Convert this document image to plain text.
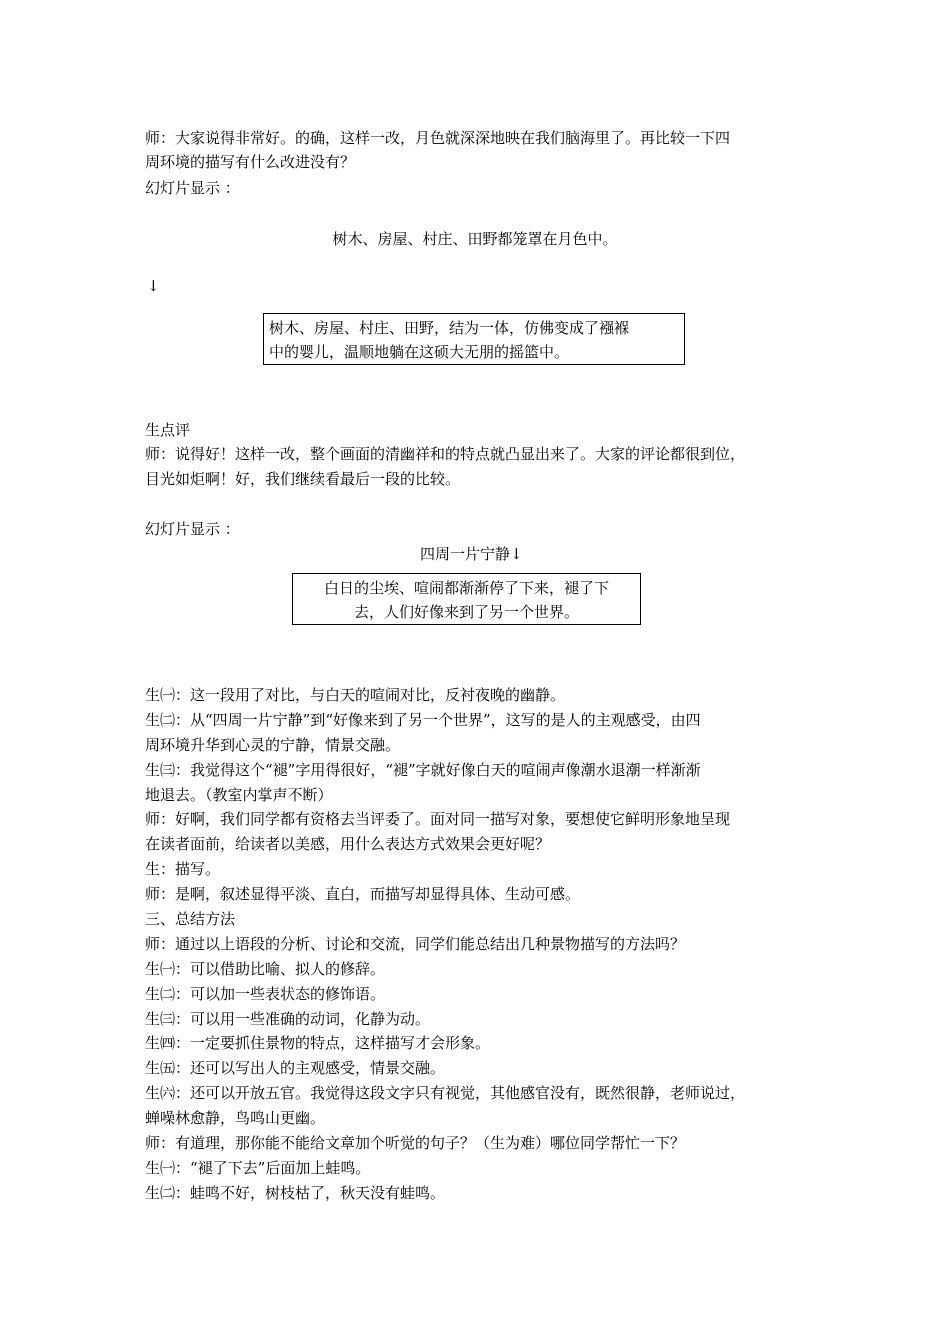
师：大家说得非常好。的确，这样一改，月色就深深地映在我们脑海里了。再比较一下四
周环境的描写有什么改进没有？
幻灯片显示 ：
树木、房屋、村庄、田野都笼罩在月色中。
↓
树木、房屋、村庄、田野，结为一体，仿佛变成了襁褓
中的婴儿，温顺地躺在这硕大无朋的摇篮中。
生点评
师：说得好！这样一改，整个画面的清幽祥和的特点就凸显出来了。大家的评论都很到位，
目光如炬啊！好，我们继续看最后一段的比较。
幻灯片显示 ：
四周一片宁静↓
白日的尘埃、喧闹都渐渐停了下来，褪了下
去，人们好像来到了另一个世界。
生㈠：这一段用了对比，与白天的喧闹对比，反衬夜晚的幽静。
生㈡：从“四周一片宁静”到“好像来到了另一个世界”，这写的是人的主观感受，由四
周环境升华到心灵的宁静，情景交融。
生㈢：我觉得这个“褪”字用得很好，“褪”字就好像白天的喧闹声像潮水退潮一样渐渐
地退去。（教室内掌声不断）
师：好啊，我们同学都有资格去当评委了。面对同一描写对象，要想使它鲜明形象地呈现
在读者面前，给读者以美感，用什么表达方式效果会更好呢？
生：描写。
师：是啊，叙述显得平淡、直白，而描写却显得具体、生动可感。
三、总结方法
师：通过以上语段的分析、讨论和交流，同学们能总结出几种景物描写的方法吗？
生㈠：可以借助比喻、拟人的修辞。
生㈡：可以加一些表状态的修饰语。
生㈢：可以用一些准确的动词，化静为动。
生㈣：一定要抓住景物的特点，这样描写才会形象。
生㈤：还可以写出人的主观感受，情景交融。
生㈥：还可以开放五官。我觉得这段文字只有视觉，其他感官没有，既然很静，老师说过，
蝉噪林愈静，鸟鸣山更幽。
师：有道理，那你能不能给文章加个听觉的句子？（生为难）哪位同学帮忙一下？
生㈠：“褪了下去”后面加上蛙鸣。
生㈡：蛙鸣不好，树枝枯了，秋天没有蛙鸣。
